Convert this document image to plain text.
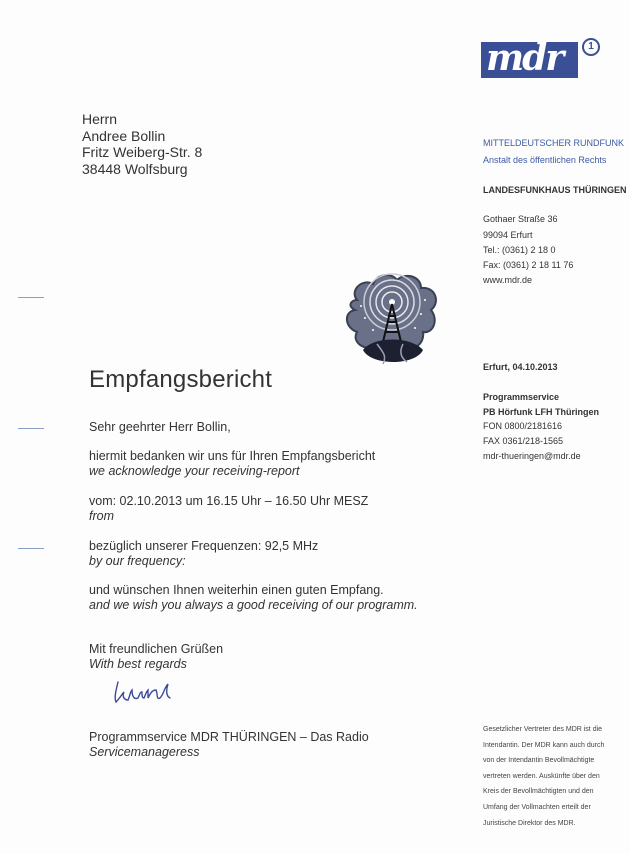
mdr	1
Herrn
Andree Bollin
Fritz Weiberg-Str. 8
38448 Wolfsburg
MITTELDEUTSCHER RUNDFUNK
Anstalt des öffentlichen Rechts
LANDESFUNKHAUS THÜRINGEN
Gothaer Straße 36
99094 Erfurt
Tel.: (0361) 2 18 0
Fax: (0361) 2 18 11 76
www.mdr.de
Erfurt, 04.10.2013
Programmservice
PB Hörfunk LFH Thüringen
FON 0800/2181616
FAX 0361/218-1565
mdr-thueringen@mdr.de
Empfangsbericht
Sehr geehrter Herr Bollin,
hiermit bedanken wir uns für Ihren Empfangsbericht
we acknowledge your receiving-report
vom: 02.10.2013 um 16.15 Uhr – 16.50 Uhr MESZ
from
bezüglich unserer Frequenzen: 92,5 MHz
by our frequency:
und wünschen Ihnen weiterhin einen guten Empfang.
and we wish you always a good receiving of our programm.
Mit freundlichen Grüßen
With best regards
Programmservice MDR THÜRINGEN – Das Radio
Servicemanageress
Gesetzlicher Vertreter des MDR ist die
Intendantin. Der MDR kann auch durch
von der Intendantin Bevollmächtigte
vertreten werden. Auskünfte über den
Kreis der Bevollmächtigten und den
Umfang der Vollmachten erteilt der
Juristische Direktor des MDR.
